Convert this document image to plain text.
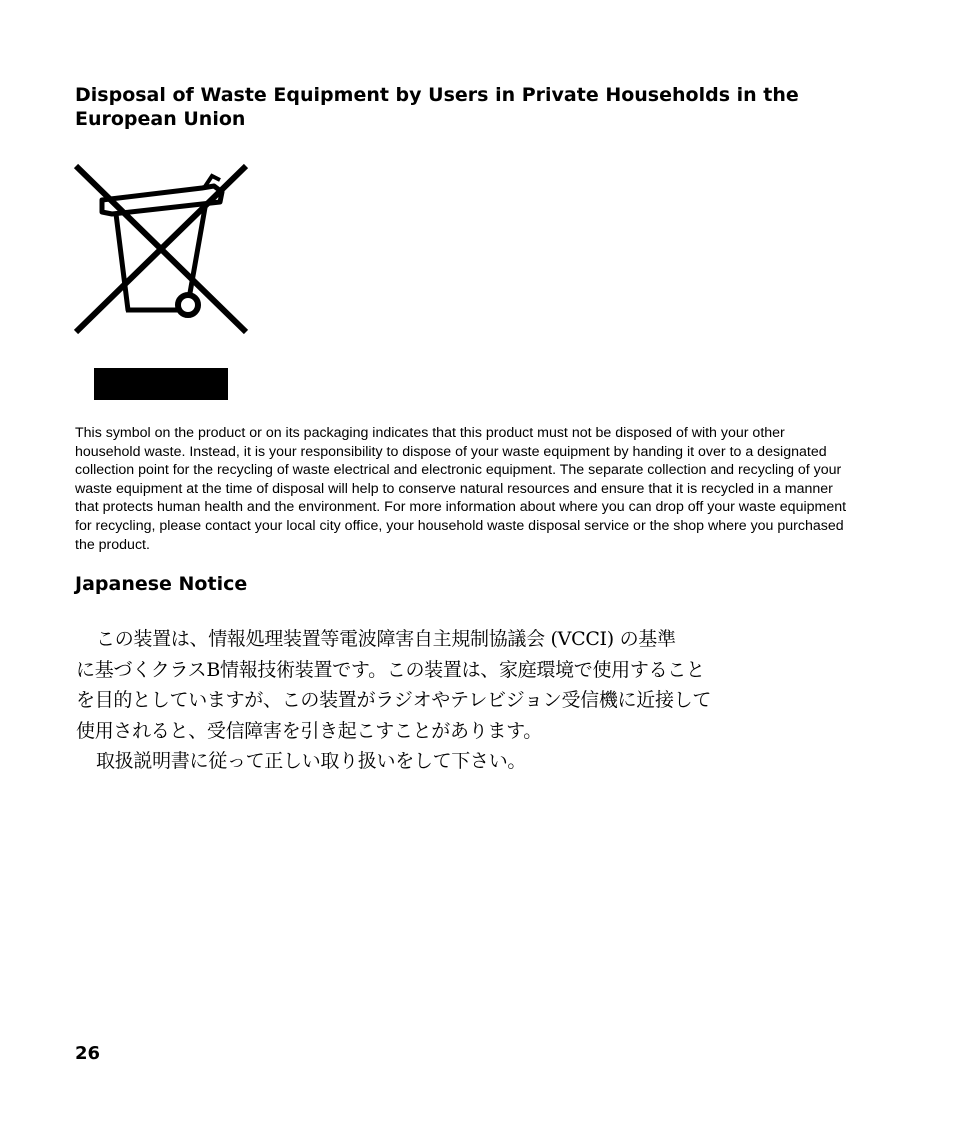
Disposal of Waste Equipment by Users in Private Households in the European Union

This symbol on the product or on its packaging indicates that this product must not be disposed of with your other household waste. Instead, it is your responsibility to dispose of your waste equipment by handing it over to a designated collection point for the recycling of waste electrical and electronic equipment. The separate collection and recycling of your waste equipment at the time of disposal will help to conserve natural resources and ensure that it is recycled in a manner that protects human health and the environment. For more information about where you can drop off your waste equipment for recycling, please contact your local city office, your household waste disposal service or the shop where you purchased the product.

Japanese Notice
この装置は、情報処理装置等電波障害自主規制協議会 (VCCI) の基準
に基づくクラスB情報技術装置です。この装置は、家庭環境で使用すること
を目的としていますが、この装置がラジオやテレビジョン受信機に近接して
使用されると、受信障害を引き起こすことがあります。
取扱説明書に従って正しい取り扱いをして下さい。
26
